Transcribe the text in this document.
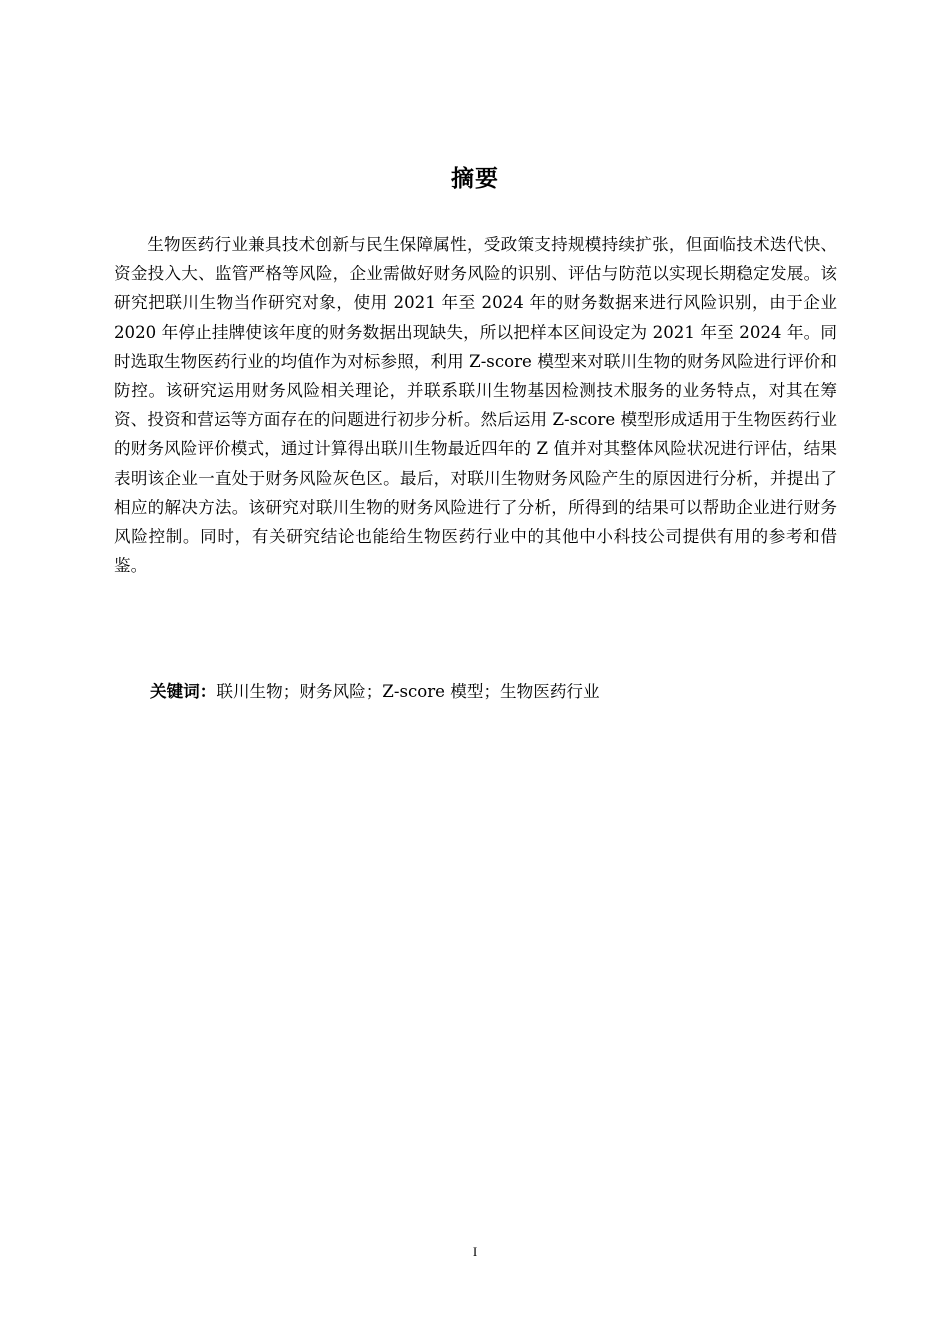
摘要

生物医药行业兼具技术创新与民生保障属性，受政策支持规模持续扩张，但面临技术迭代快、资金投入大、监管严格等风险，企业需做好财务风险的识别、评估与防范以实现长期稳定发展。该研究把联川生物当作研究对象，使用 2021 年至 2024 年的财务数据来进行风险识别，由于企业 2020 年停止挂牌使该年度的财务数据出现缺失，所以把样本区间设定为 2021 年至 2024 年。同时选取生物医药行业的均值作为对标参照，利用 Z-score 模型来对联川生物的财务风险进行评价和防控。该研究运用财务风险相关理论，并联系联川生物基因检测技术服务的业务特点，对其在筹资、投资和营运等方面存在的问题进行初步分析。然后运用 Z-score 模型形成适用于生物医药行业的财务风险评价模式，通过计算得出联川生物最近四年的 Z 值并对其整体风险状况进行评估，结果表明该企业一直处于财务风险灰色区。最后，对联川生物财务风险产生的原因进行分析，并提出了相应的解决方法。该研究对联川生物的财务风险进行了分析，所得到的结果可以帮助企业进行财务风险控制。同时，有关研究结论也能给生物医药行业中的其他中小科技公司提供有用的参考和借鉴。

关键词：联川生物；财务风险；Z-score 模型；生物医药行业
I
